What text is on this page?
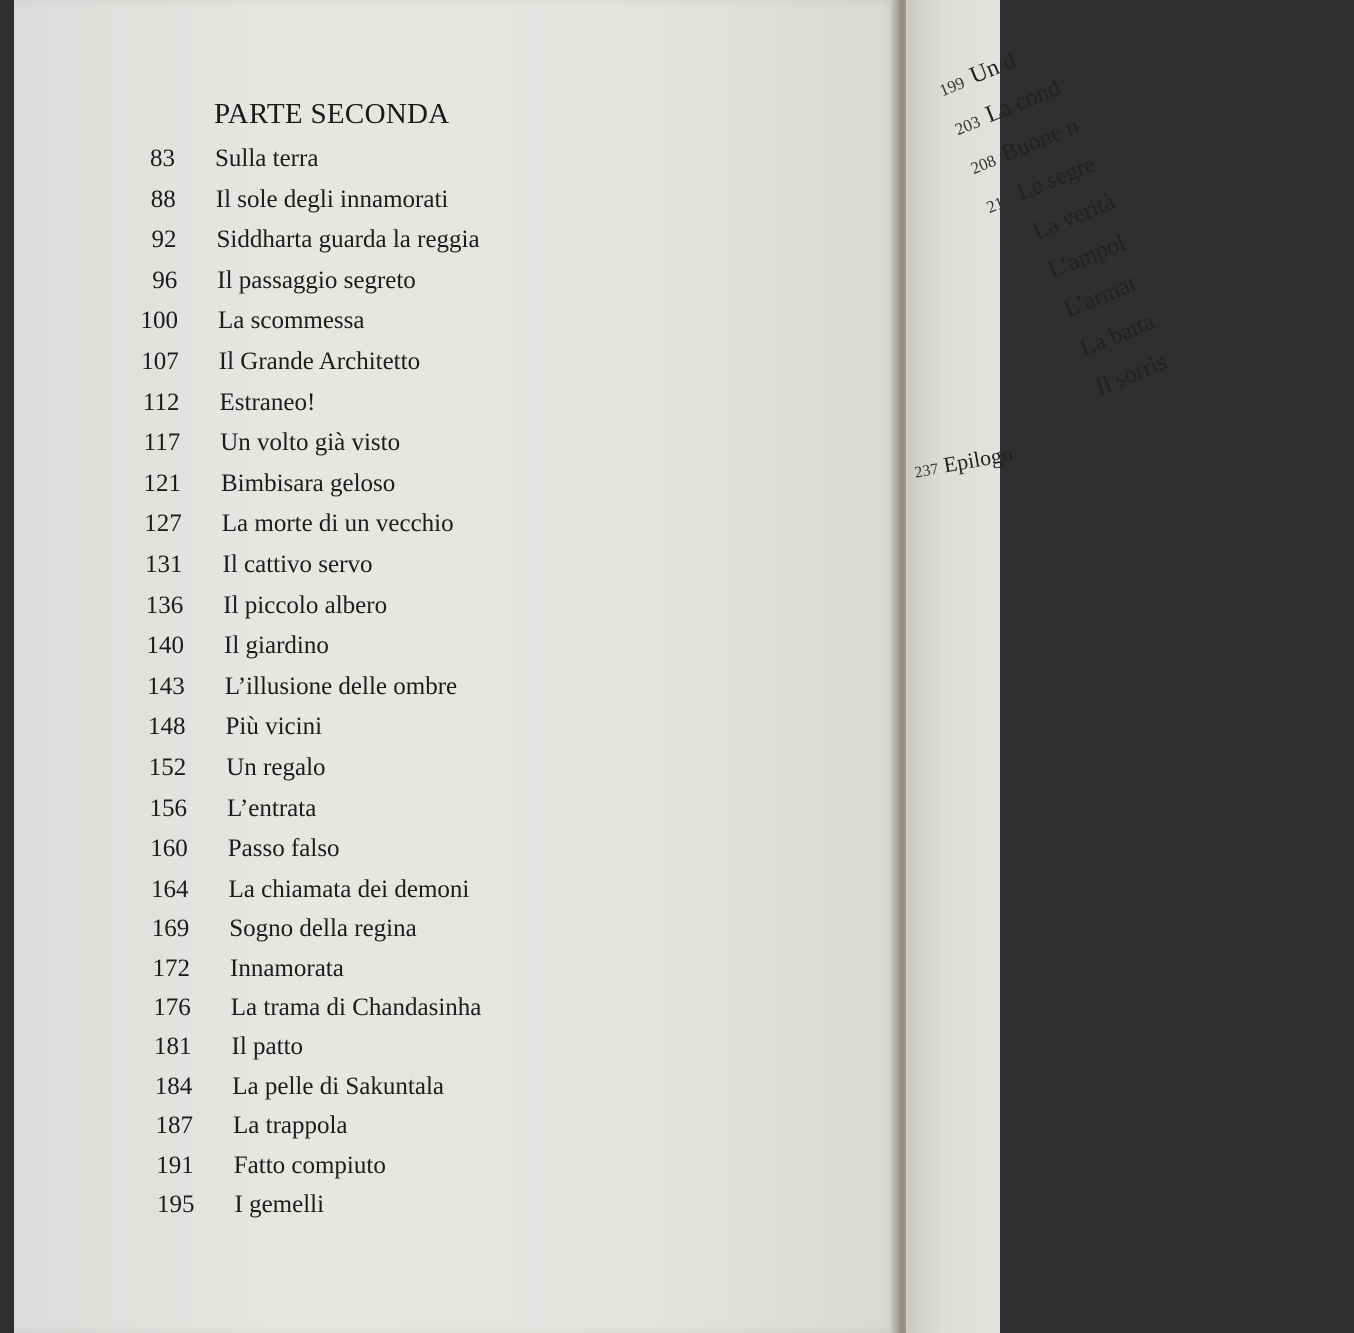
PARTE SECONDA
83 Sulla terra
88 Il sole degli innamorati
92 Siddharta guarda la reggia
96 Il passaggio segreto
100 La scommessa
107 Il Grande Architetto
112 Estraneo!
117 Un volto già visto
121 Bimbisara geloso
127 La morte di un vecchio
131 Il cattivo servo
136 Il piccolo albero
140 Il giardino
143 L’illusione delle ombre
148 Più vicini
152 Un regalo
156 L’entrata
160 Passo falso
164 La chiamata dei demoni
169 Sogno della regina
172 Innamorata
176 La trama di Chandasinha
181 Il patto
184 La pelle di Sakuntala
187 La trappola
191 Fatto compiuto
195 I gemelli
199Un d
203La cond
208Buone n
211Le segre
217La verità
220L’ampol
224L’armat
228La batta
234Il sorris
237Epilogo
